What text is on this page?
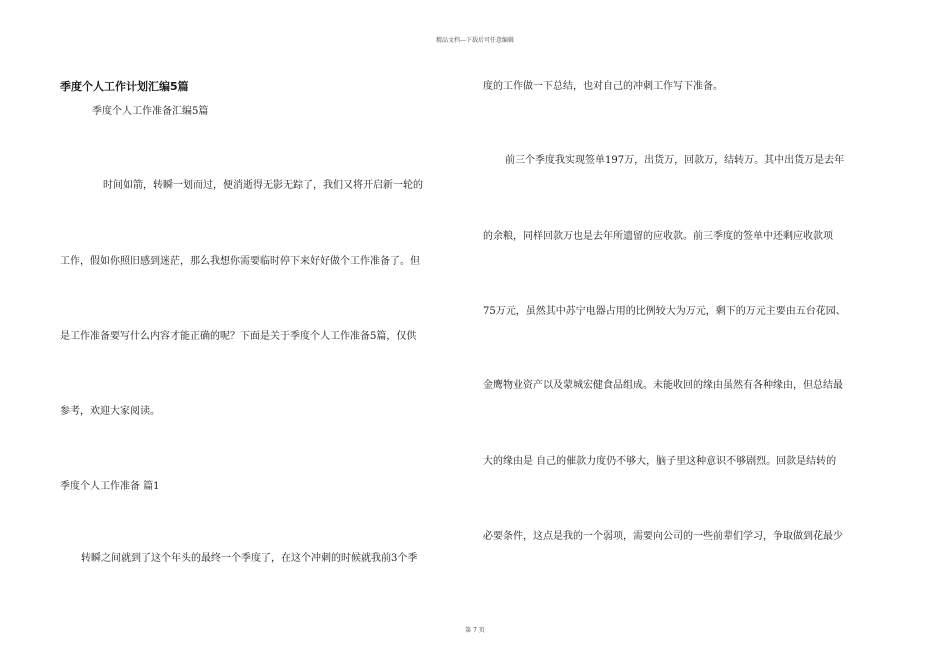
精品文档---下载后可任意编辑
季度个人工作计划汇编5篇
季度个人工作准备汇编5篇
时间如箭，转瞬一划而过，便消逝得无影无踪了，我们又将开启新一轮的
工作，假如你照旧感到迷茫，那么我想你需要临时停下来好好做个工作准备了。但
是工作准备要写什么内容才能正确的呢？下面是关于季度个人工作准备5篇，仅供
参考，欢迎大家阅读。
季度个人工作准备 篇1
转瞬之间就到了这个年头的最终一个季度了，在这个冲刺的时候就我前3个季
度的工作做一下总结，也对自己的冲刺工作写下准备。
前三个季度我实现签单197万，出货万，回款万，结转万。其中出货万是去年
的余粮，同样回款万也是去年所遗留的应收款。前三季度的签单中还剩应收款项
75万元，虽然其中苏宁电器占用的比例较大为万元，剩下的万元主要由五台花园、
金鹰物业资产以及蒙城宏健食品组成。未能收回的缘由虽然有各种缘由，但总结最
大的缘由是 自己的催款力度仍不够大，脑子里这种意识不够剧烈。回款是结转的
必要条件，这点是我的一个弱项，需要向公司的一些前辈们学习，争取做到花最少
第 7 页
